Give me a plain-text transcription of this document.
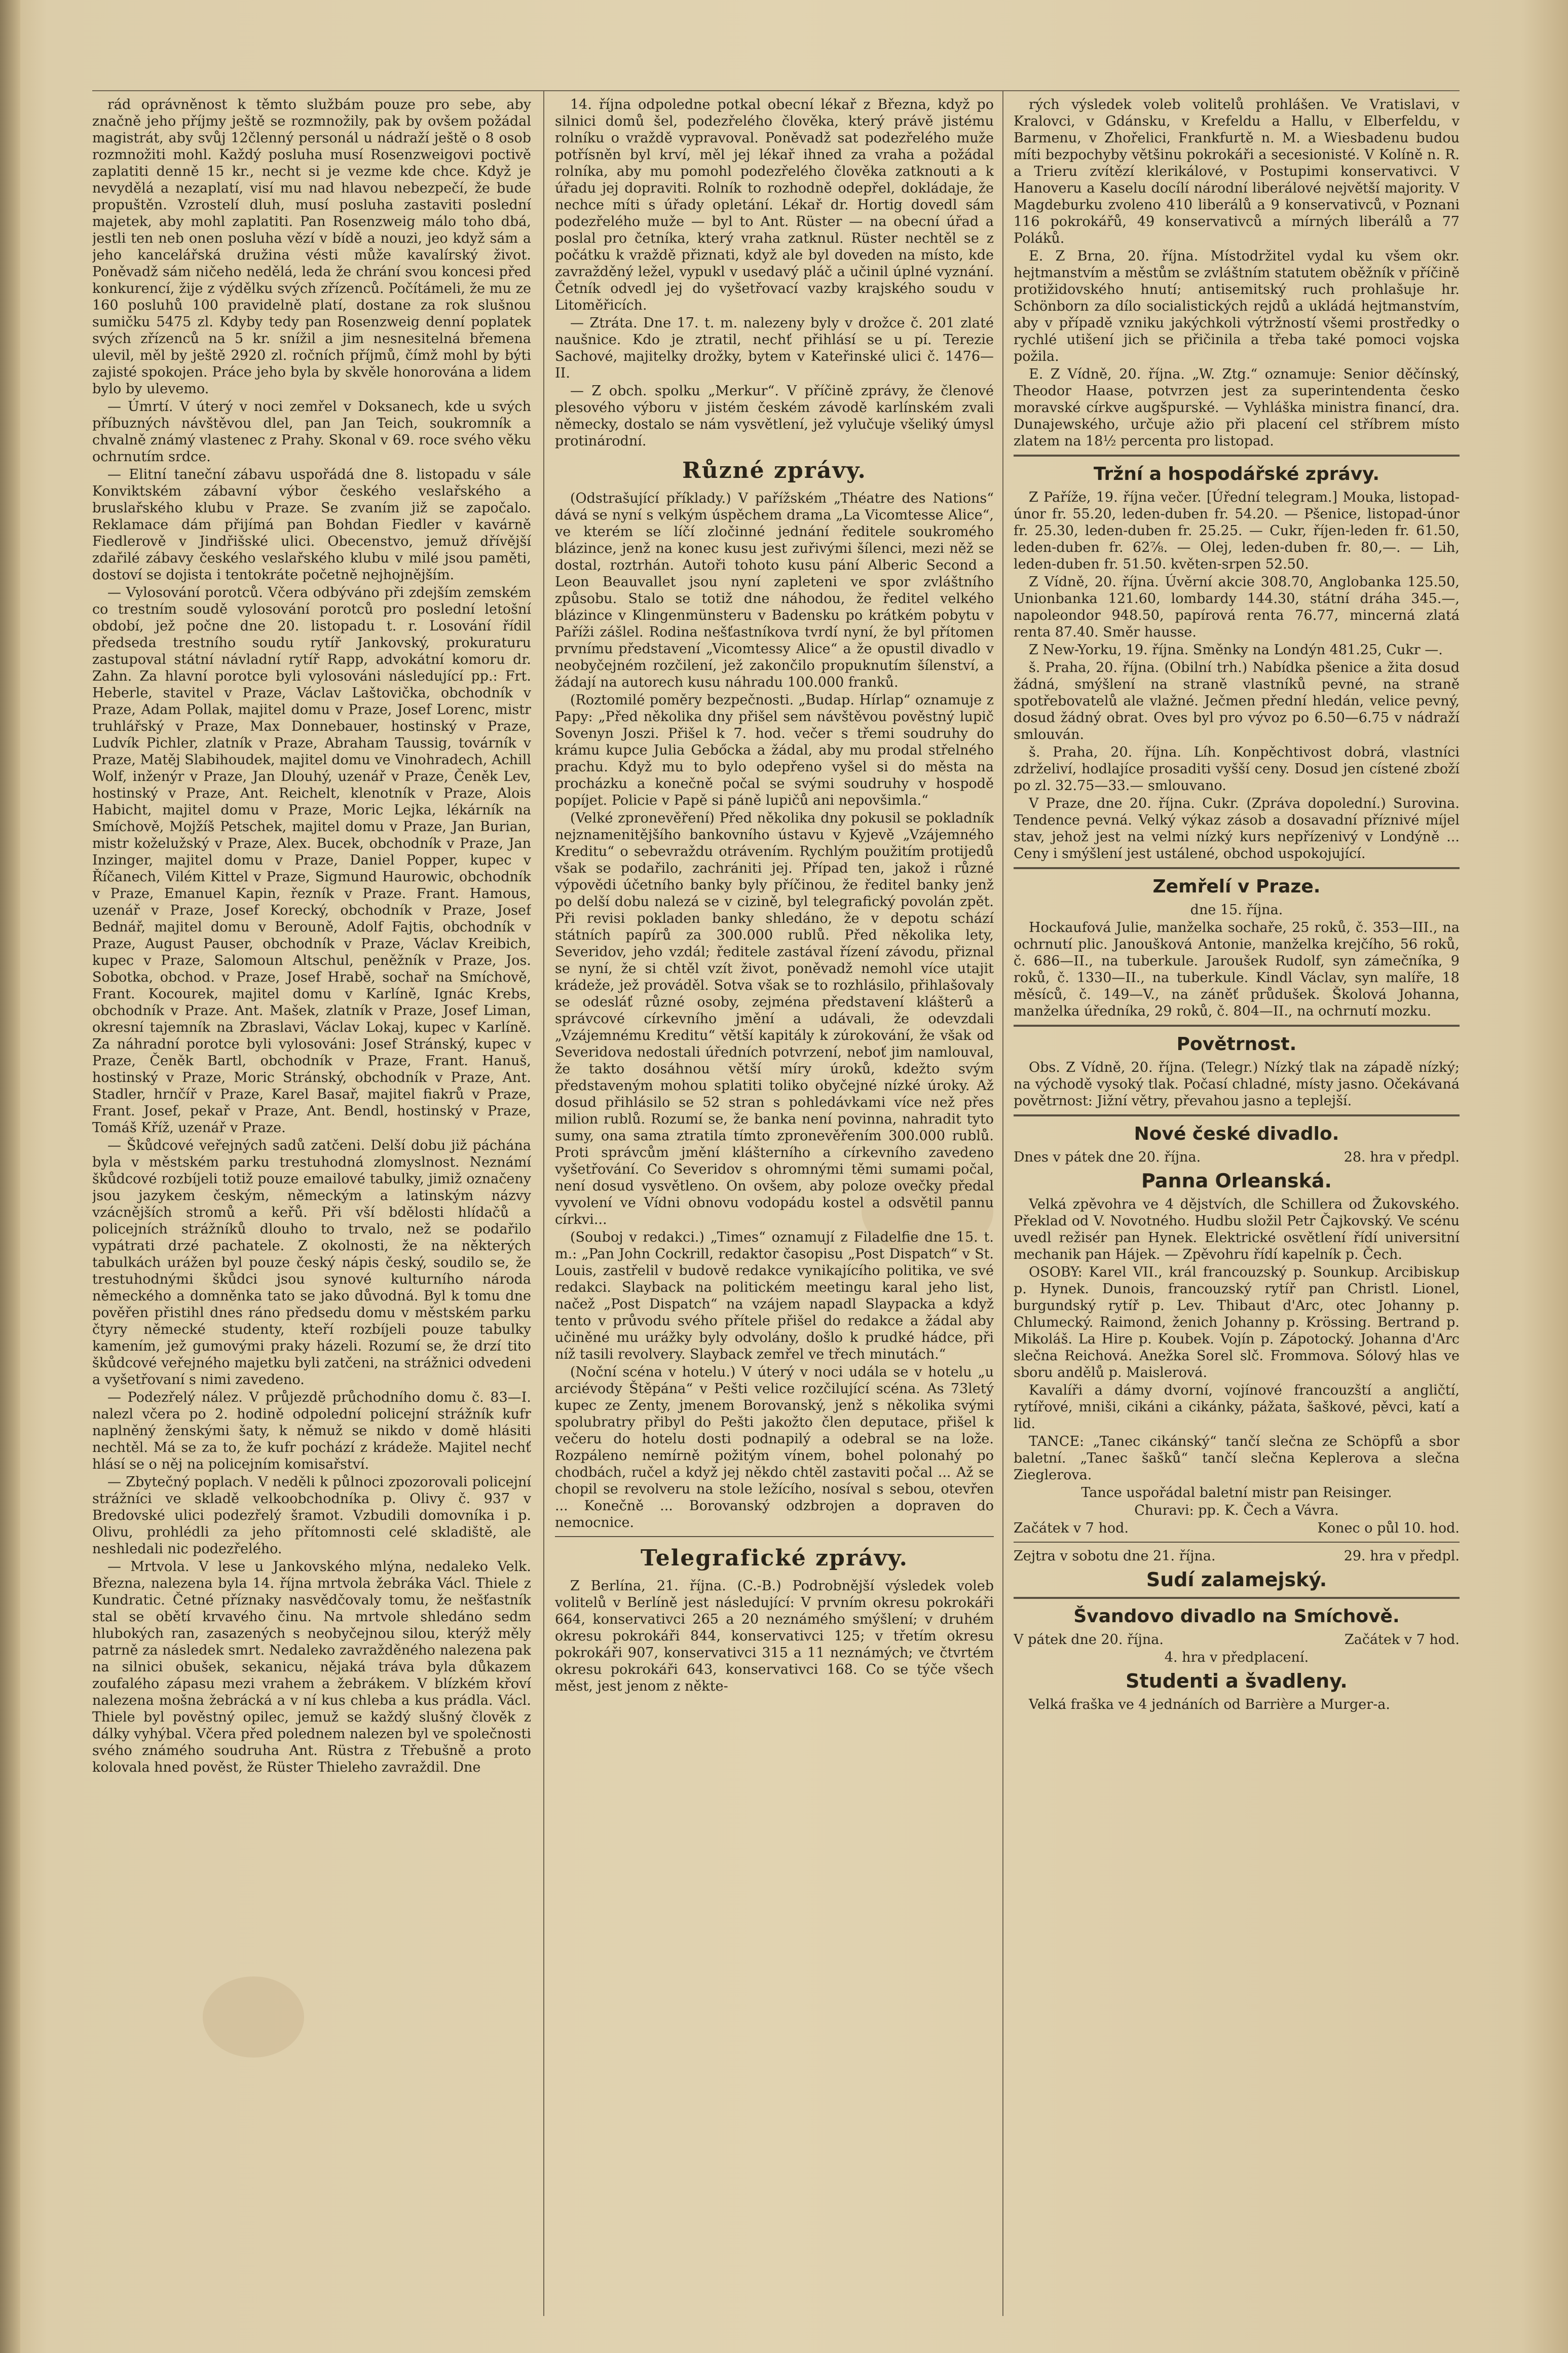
rád oprávněnost k těmto službám pouze pro sebe, aby značně jeho příjmy ještě se rozmnožily, pak by ovšem požádal magistrát, aby svůj 12členný personál u nádraží ještě o 8 osob rozmnožiti mohl. Každý posluha musí Rosenzweigovi poctivě zaplatiti denně 15 kr., necht si je vezme kde chce. Když je nevydělá a nezaplatí, visí mu nad hlavou nebezpečí, že bude propuštěn. Vzrostelí dluh, musí posluha zastaviti poslední majetek, aby mohl zaplatiti. Pan Rosenzweig málo toho dbá, jestli ten neb onen posluha vězí v bídě a nouzi, jeo když sám a jeho kancelářská družina vésti může kavalírský život. Poněvadž sám ničeho nedělá, leda že chrání svou koncesi před konkurencí, žije z výdělku svých zřízenců. Počítámeli, že mu ze 160 posluhů 100 pravidelně platí, dostane za rok slušnou sumičku 5475 zl. Kdyby tedy pan Rosenzweig denní poplatek svých zřízenců na 5 kr. snížil a jim nesnesitelná břemena ulevil, měl by ještě 2920 zl. ročních příjmů, čímž mohl by býti zajisté spokojen. Práce jeho byla by skvěle honorována a lidem bylo by ulevemo.

— Úmrtí. V úterý v noci zemřel v Doksanech, kde u svých příbuzných návštěvou dlel, pan Jan Teich, soukromník a chvalně známý vlastenec z Prahy. Skonal v 69. roce svého věku ochrnutím srdce.

— Elitní taneční zábavu uspořádá dne 8. listopadu v sále Konviktském zábavní výbor českého veslařského a bruslařského klubu v Praze. Se zvaním již se započalo. Reklamace dám přijímá pan Bohdan Fiedler v kavárně Fiedlerově v Jindřišské ulici. Obecenstvo, jemuž dřívější zdařilé zábavy českého veslařského klubu v milé jsou paměti, dostoví se dojista i tentokráte početně nejhojnějším.

— Vylosování porotců. Včera odbýváno při zdejším zemském co trestním soudě vylosování porotců pro poslední letošní období, jež počne dne 20. listopadu t. r. Losování řídil předseda trestního soudu rytíř Jankovský, prokuraturu zastupoval státní návladní rytíř Rapp, advokátní komoru dr. Zahn. Za hlavní porotce byli vylosováni následující pp.: Frt. Heberle, stavitel v Praze, Václav Laštovička, obchodník v Praze, Adam Pollak, majitel domu v Praze, Josef Lorenc, mistr truhlářský v Praze, Max Donnebauer, hostinský v Praze, Ludvík Pichler, zlatník v Praze, Abraham Taussig, továrník v Praze, Matěj Slabihoudek, majitel domu ve Vinohradech, Achill Wolf, inženýr v Praze, Jan Dlouhý, uzenář v Praze, Čeněk Lev, hostinský v Praze, Ant. Reichelt, klenotník v Praze, Alois Habicht, majitel domu v Praze, Moric Lejka, lékárník na Smíchově, Mojžíš Petschek, majitel domu v Praze, Jan Burian, mistr koželužský v Praze, Alex. Bucek, obchodník v Praze, Jan Inzinger, majitel domu v Praze, Daniel Popper, kupec v Říčanech, Vilém Kittel v Praze, Sigmund Haurowic, obchodník v Praze, Emanuel Kapin, řezník v Praze. Frant. Hamous, uzenář v Praze, Josef Korecký, obchodník v Praze, Josef Bednář, majitel domu v Berouně, Adolf Fajtis, obchodník v Praze, August Pauser, obchodník v Praze, Václav Kreibich, kupec v Praze, Salomoun Altschul, peněžník v Praze, Jos. Sobotka, obchod. v Praze, Josef Hrabě, sochař na Smíchově, Frant. Kocourek, majitel domu v Karlíně, Ignác Krebs, obchodník v Praze. Ant. Mašek, zlatník v Praze, Josef Liman, okresní tajemník na Zbraslavi, Václav Lokaj, kupec v Karlíně. Za náhradní porotce byli vylosováni: Josef Stránský, kupec v Praze, Čeněk Bartl, obchodník v Praze, Frant. Hanuš, hostinský v Praze, Moric Stránský, obchodník v Praze, Ant. Stadler, hrnčíř v Praze, Karel Basař, majitel fiakrů v Praze, Frant. Josef, pekař v Praze, Ant. Bendl, hostinský v Praze, Tomáš Kříž, uzenář v Praze.

— Škůdcové veřejných sadů zatčeni. Delší dobu již páchána byla v městském parku trestuhodná zlomyslnost. Neznámí škůdcové rozbíjeli totiž pouze emailové tabulky, jimiž označeny jsou jazykem českým, německým a latinským názvy vzácnějších stromů a keřů. Při vší bdělosti hlídačů a policejních strážníků dlouho to trvalo, než se podařilo vypátrati drzé pachatele. Z okolnosti, že na některých tabulkách urážen byl pouze český nápis český, soudilo se, že trestuhodnými škůdci jsou synové kulturního národa německého a domněnka tato se jako důvodná. Byl k tomu dne pověřen přistihl dnes ráno předsedu domu v městském parku čtyry německé studenty, kteří rozbíjeli pouze tabulky kamením, jež gumovými praky házeli. Rozumí se, že drzí tito škůdcové veřejného majetku byli zatčeni, na strážnici odvedeni a vyšetřovaní s nimi zavedeno.

— Podezřelý nález. V průjezdě průchodního domu č. 83—I. nalezl včera po 2. hodině odpolední policejní strážník kufr naplněný ženskými šaty, k němuž se nikdo v domě hlásiti nechtěl. Má se za to, že kufr pochází z krádeže. Majitel nechť hlásí se o něj na policejním komisařství.

— Zbytečný poplach. V neděli k půlnoci zpozorovali policejní strážníci ve skladě velkoobchodníka p. Olivy č. 937 v Bredovské ulici podezřelý šramot. Vzbudili domovníka i p. Olivu, prohlédli za jeho přítomnosti celé skladiště, ale neshledali nic podezřelého.

— Mrtvola. V lese u Jankovského mlýna, nedaleko Velk. Března, nalezena byla 14. října mrtvola žebráka Václ. Thiele z Kundratic. Četné příznaky nasvědčovaly tomu, že nešťastník stal se obětí krvavého činu. Na mrtvole shledáno sedm hlubokých ran, zasazených s neobyčejnou silou, kterýž měly patrně za následek smrt. Nedaleko zavražděného nalezena pak na silnici obušek, sekanicu, nějaká tráva byla důkazem zoufalého zápasu mezi vrahem a žebrákem. V blízkém křoví nalezena mošna žebrácká a v ní kus chleba a kus prádla. Václ. Thiele byl pověstný opilec, jemuž se každý slušný člověk z dálky vyhýbal. Včera před polednem nalezen byl ve společnosti svého známého soudruha Ant. Rüstra z Třebušně a proto kolovala hned pověst, že Rüster Thieleho zavraždil. Dne

14. října odpoledne potkal obecní lékař z Března, když po silnici domů šel, podezřelého člověka, který právě jistému rolníku o vraždě vypravoval. Poněvadž sat podezřelého muže potřísněn byl krví, měl jej lékař ihned za vraha a požádal rolníka, aby mu pomohl podezřelého člověka zatknouti a k úřadu jej dopraviti. Rolník to rozhodně odepřel, dokládaje, že nechce míti s úřady opletání. Lékař dr. Hortig dovedl sám podezřelého muže — byl to Ant. Rüster — na obecní úřad a poslal pro četníka, který vraha zatknul. Rüster nechtěl se z počátku k vraždě přiznati, když ale byl doveden na místo, kde zavražděný ležel, vypukl v usedavý pláč a učinil úplné vyznání. Četník odvedl jej do vyšetřovací vazby krajského soudu v Litoměřicích.

— Ztráta. Dne 17. t. m. nalezeny byly v drožce č. 201 zlaté naušnice. Kdo je ztratil, nechť přihlásí se u pí. Terezie Sachové, majitelky drožky, bytem v Kateřinské ulici č. 1476—II.

— Z obch. spolku „Merkur“. V příčině zprávy, že členové plesového výboru v jistém českém závodě karlínském zvali německy, dostalo se nám vysvětlení, jež vylučuje všeliký úmysl protinárodní.

Různé zprávy.

(Odstrašující příklady.) V pařížském „Théatre des Nations“ dává se nyní s velkým úspěchem drama „La Vicomtesse Alice“, ve kterém se líčí zločinné jednání ředitele soukromého blázince, jenž na konec kusu jest zuřivými šílenci, mezi něž se dostal, roztrhán. Autoři tohoto kusu pání Alberic Second a Leon Beauvallet jsou nyní zapleteni ve spor zvláštního způsobu. Stalo se totiž dne náhodou, že ředitel velkého blázince v Klingenmünsteru v Badensku po krátkém pobytu v Paříži zášlel. Rodina nešťastníkova tvrdí nyní, že byl přítomen prvnímu představení „Vicomtessy Alice“ a že opustil divadlo v neobyčejném rozčilení, jež zakončilo propuknutím šílenství, a žádají na autorech kusu náhradu 100.000 franků.

(Roztomilé poměry bezpečnosti. „Budap. Hírlap“ oznamuje z Papy: „Před několika dny přišel sem návštěvou pověstný lupič Sovenyn Joszi. Přišel k 7. hod. večer s třemi soudruhy do krámu kupce Julia Gebőcka a žádal, aby mu prodal střelného prachu. Když mu to bylo odepřeno vyšel si do města na procházku a konečně počal se svými soudruhy v hospodě popíjet. Policie v Papě si páně lupičů ani nepovšimla.“

(Velké zpronevěření) Před několika dny pokusil se pokladník nejznamenitějšího bankovního ústavu v Kyjevě „Vzájemného Kreditu“ o sebevraždu otrávením. Rychlým použitím protijedů však se podařilo, zachrániti jej. Případ ten, jakož i různé výpovědi účetního banky byly příčinou, že ředitel banky jenž po delší dobu nalezá se v cizině, byl telegrafický povolán zpět. Při revisi pokladen banky shledáno, že v depotu schází státních papírů za 300.000 rublů. Před několika lety, Severidov, jeho vzdál; ředitele zastával řízení závodu, přiznal se nyní, že si chtěl vzít život, poněvadž nemohl více utajit krádeže, jež prováděl. Sotva však se to rozhlásilo, přihlašovaly se odesláť různé osoby, zejména představení klášterů a správcové církevního jmění a udávali, že odevzdali „Vzájemnému Kreditu“ větší kapitály k zúrokování, že však od Severidova nedostali úředních potvrzení, neboť jim namlouval, že takto dosáhnou větší míry úroků, kdežto svým představeným mohou splatiti toliko obyčejné nízké úroky. Až dosud přihlásilo se 52 stran s pohledávkami více než přes milion rublů. Rozumí se, že banka není povinna, nahradit tyto sumy, ona sama ztratila tímto zpronevěřením 300.000 rublů. Proti správcům jmění klášterního a církevního zavedeno vyšetřování. Co Severidov s ohromnými těmi sumami počal, není dosud vysvětleno. On ovšem, aby poloze ovečky předal vyvolení ve Vídni obnovu vodopádu kostel a odsvětil pannu církvi...

(Souboj v redakci.) „Times“ oznamují z Filadelfie dne 15. t. m.: „Pan John Cockrill, redaktor časopisu „Post Dispatch“ v St. Louis, zastřelil v budově redakce vynikajícího politika, ve své redakci. Slayback na politickém meetingu karal jeho list, načež „Post Dispatch“ na vzájem napadl Slaypacka a když tento v průvodu svého přítele přišel do redakce a žádal aby učiněné mu urážky byly odvolány, došlo k prudké hádce, při níž tasili revolvery. Slayback zemřel ve třech minutách.“

(Noční scéna v hotelu.) V úterý v noci udála se v hotelu „u arciévody Štěpána“ v Pešti velice rozčilující scéna. As 73letý kupec ze Zenty, jmenem Borovanský, jenž s několika svými spolubratry přibyl do Pešti jakožto člen deputace, přišel k večeru do hotelu dosti podnapilý a odebral se na lože. Rozpáleno nemírně požitým vínem, bohel polonahý po chodbách, ručel a když jej někdo chtěl zastaviti počal ... Až se chopil se revolveru na stole ležícího, nosíval s sebou, otevřen ... Konečně ... Borovanský odzbrojen a dopraven do nemocnice.

Telegrafické zprávy.

Z Berlína, 21. října. (C.-B.) Podrobnější výsledek voleb volitelů v Berlíně jest následující: V prvním okresu pokrokáři 664, konservativci 265 a 20 neznámého smýšlení; v druhém okresu pokrokáři 844, konservativci 125; v třetím okresu pokrokáři 907, konservativci 315 a 11 neznámých; ve čtvrtém okresu pokrokáři 643, konservativci 168. Co se týče všech měst, jest jenom z někte-

rých výsledek voleb volitelů prohlášen. Ve Vratislavi, v Kralovci, v Gdánsku, v Krefeldu a Hallu, v Elberfeldu, v Barmenu, v Zhořelici, Frankfurtě n. M. a Wiesbadenu budou míti bezpochyby většinu pokrokáři a secesionisté. V Kolíně n. R. a Trieru zvítězí klerikálové, v Postupimi konservativci. V Hanoveru a Kaselu docílí národní liberálové největší majority. V Magdeburku zvoleno 410 liberálů a 9 konservativců, v Poznani 116 pokrokářů, 49 konservativců a mírných liberálů a 77 Poláků.

E. Z Brna, 20. října. Místodržitel vydal ku všem okr. hejtmanstvím a městům se zvláštním statutem oběžník v příčině protižidovského hnutí; antisemitský ruch prohlašuje hr. Schönborn za dílo socialistických rejdů a ukládá hejtmanstvím, aby v případě vzniku jakýchkoli výtržností všemi prostředky o rychlé utišení jich se přičinila a třeba také pomoci vojska požila.

E. Z Vídně, 20. října. „W. Ztg.“ oznamuje: Senior děčínský, Theodor Haase, potvrzen jest za superintendenta česko moravské církve augšpurské. — Vyhláška ministra financí, dra. Dunajewského, určuje ažio při placení cel stříbrem místo zlatem na 18½ percenta pro listopad.

Tržní a hospodářské zprávy.

Z Paříže, 19. října večer. [Úřední telegram.] Mouka, listopad-únor fr. 55.20, leden-duben fr. 54.20. — Pšenice, listopad-únor fr. 25.30, leden-duben fr. 25.25. — Cukr, říjen-leden fr. 61.50, leden-duben fr. 62⅞. — Olej, leden-duben fr. 80,—. — Lih, leden-duben fr. 51.50. květen-srpen 52.50.

Z Vídně, 20. října. Úvěrní akcie 308.70, Anglobanka 125.50, Unionbanka 121.60, lombardy 144.30, státní dráha 345.—, napoleondor 948.50, papírová renta 76.77, mincerná zlatá renta 87.40. Směr hausse.

Z New-Yorku, 19. října. Směnky na Londýn 481.25, Cukr —.

š. Praha, 20. října. (Obilní trh.) Nabídka pšenice a žita dosud žádná, smýšlení na straně vlastníků pevné, na straně spotřebovatelů ale vlažné. Ječmen přední hledán, velice pevný, dosud žádný obrat. Oves byl pro vývoz po 6.50—6.75 v nádraží smlouván.

š. Praha, 20. října. Líh. Konpěchtivost dobrá, vlastníci zdrželiví, hodlajíce prosaditi vyšší ceny. Dosud jen cístené zboží po zl. 32.75—33.— smlouvano.

V Praze, dne 20. října. Cukr. (Zpráva dopolední.) Surovina. Tendence pevná. Velký výkaz zásob a dosavadní příznivé míjel stav, jehož jest na velmi nízký kurs nepřízenivý v Londýně ... Ceny i smýšlení jest ustálené, obchod uspokojující.

Zemřelí v Praze.

dne 15. října.

Hockaufová Julie, manželka sochaře, 25 roků, č. 353—III., na ochrnutí plic. Janoušková Antonie, manželka krejčího, 56 roků, č. 686—II., na tuberkule. Jaroušek Rudolf, syn zámečníka, 9 roků, č. 1330—II., na tuberkule. Kindl Václav, syn malíře, 18 měsíců, č. 149—V., na záněť průdušek. Školová Johanna, manželka úředníka, 29 roků, č. 804—II., na ochrnutí mozku.

Povětrnost.

Obs. Z Vídně, 20. října. (Telegr.) Nízký tlak na západě nízký; na východě vysoký tlak. Počasí chladné, místy jasno. Očekávaná povětrnost: Jižní větry, převahou jasno a teplejší.

Nové české divadlo.

Dnes v pátek dne 20. října.	28. hra v předpl.

Panna Orleanská.

Velká zpěvohra ve 4 dějstvích, dle Schillera od Žukovského. Překlad od V. Novotného. Hudbu složil Petr Čajkovský. Ve scénu uvedl režisér pan Hynek. Elektrické osvětlení řídí universitní mechanik pan Hájek. — Zpěvohru řídí kapelník p. Čech.

OSOBY: Karel VII., král francouzský p. Sounkup. Arcibiskup p. Hynek. Dunois, francouzský rytíř pan Christl. Lionel, burgundský rytíř p. Lev. Thibaut d'Arc, otec Johanny p. Chlumecký. Raimond, ženich Johanny p. Krössing. Bertrand p. Mikoláš. La Hire p. Koubek. Vojín p. Zápotocký. Johanna d'Arc slečna Reichová. Anežka Sorel slč. Frommova. Sólový hlas ve sboru andělů p. Maislerová.

Kavalíři a dámy dvorní, vojínové francouzští a angličtí, rytířové, mniši, cikáni a cikánky, pážata, šaškové, pěvci, katí a lid.

TANCE: „Tanec cikánský“ tančí slečna ze Schöpfů a sbor baletní. „Tanec šašků“ tančí slečna Keplerova a slečna Zieglerova.

Tance uspořádal baletní mistr pan Reisinger.

Churavi: pp. K. Čech a Vávra.

Začátek v 7 hod.	Konec o půl 10. hod.

Zejtra v sobotu dne 21. října.	29. hra v předpl.

Sudí zalamejský.
Švandovo divadlo na Smíchově.

V pátek dne 20. října.	Začátek v 7 hod.

4. hra v předplacení.

Studenti a švadleny.

Velká fraška ve 4 jednáních od Barrière a Murger-a.
